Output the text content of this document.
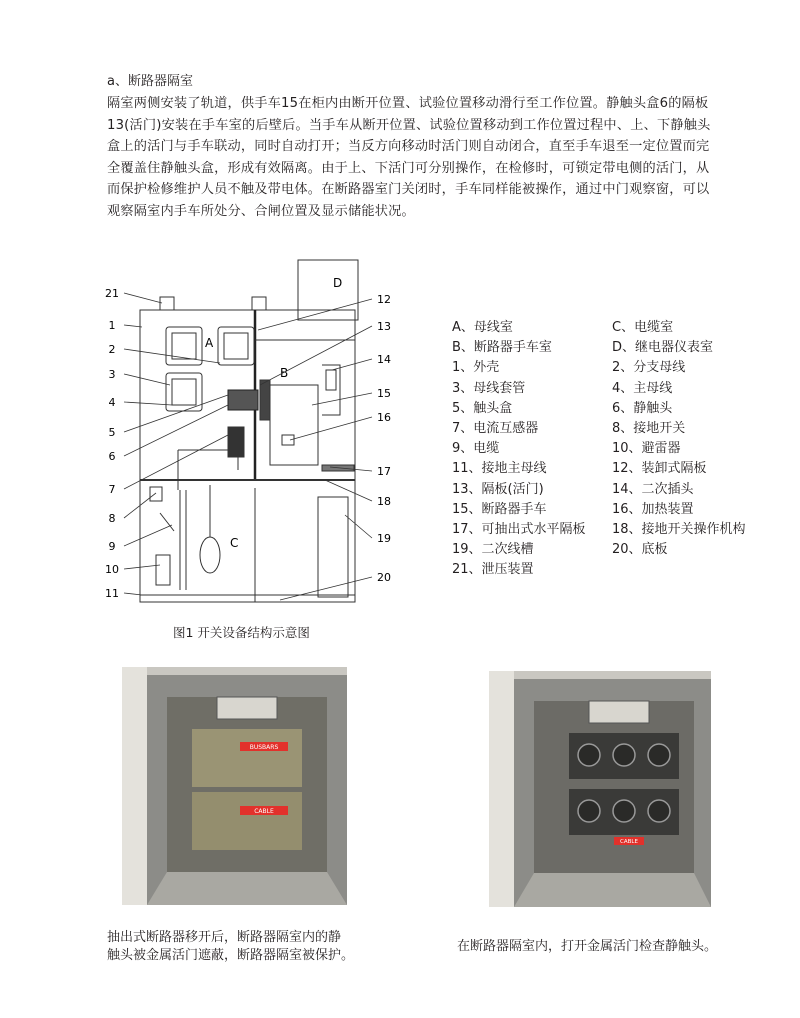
a、断路器隔室
隔室两侧安装了轨道，供手车15在柜内由断开位置、试验位置移动滑行至工作位置。静触头盒6的隔板
13(活门)安装在手车室的后壁后。当手车从断开位置、试验位置移动到工作位置过程中、上、下静触头
盒上的活门与手车联动，同时自动打开；当反方向移动时活门则自动闭合，直至手车退至一定位置而完
全覆盖住静触头盒，形成有效隔离。由于上、下活门可分别操作，在检修时，可锁定带电侧的活门，从
而保护检修维护人员不触及带电体。在断路器室门关闭时，手车同样能被操作，通过中门观察窗，可以
观察隔室内手车所处分、合闸位置及显示储能状况。
A
B
C
D
21
1
2
3
4
5
6
7
8
9
10
11
12
13
14
15
16
17
18
19
20
图1 开关设备结构示意图
A、母线室	C、电缆室
B、断路器手车室	D、继电器仪表室
1、外壳	2、分支母线
3、母线套管	4、主母线
5、触头盒	6、静触头
7、电流互感器	8、接地开关
9、电缆	10、避雷器
11、接地主母线	12、装卸式隔板
13、隔板(活门)	14、二次插头
15、断路器手车	16、加热装置
17、可抽出式水平隔板 18、接地开关操作机构
19、二次线槽	20、底板
21、泄压装置
BUSBARS
CABLE
CABLE
抽出式断路器移开后，断路器隔室内的静
触头被金属活门遮蔽，断路器隔室被保护。
在断路器隔室内，打开金属活门检查静触头。
